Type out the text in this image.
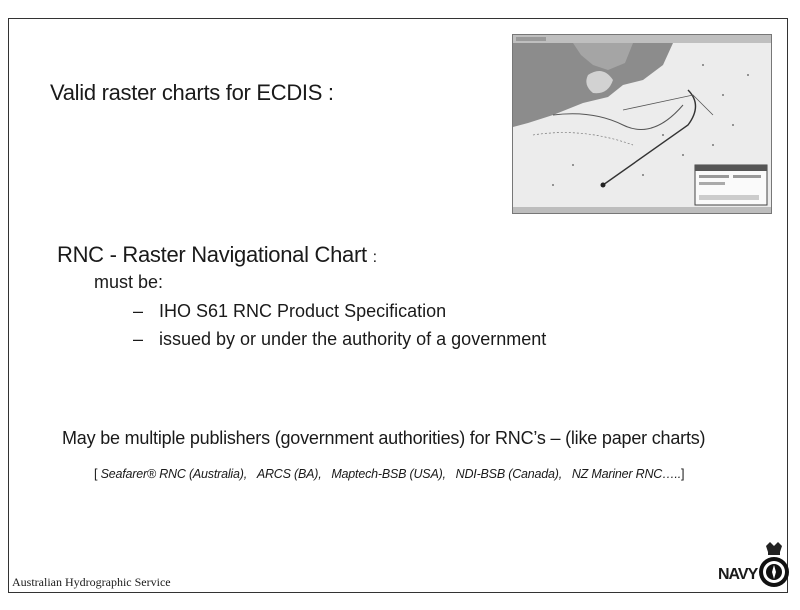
Valid raster charts for ECDIS :
RNC - Raster Navigational Chart :
must be:
– IHO S61 RNC Product Specification
– issued by or under the authority of a government
May be multiple publishers (government authorities) for RNC’s – (like paper charts)
[ Seafarer® RNC (Australia), ARCS (BA), Maptech-BSB (USA), NDI-BSB (Canada), NZ Mariner RNC…..]
Australian Hydrographic Service	NAVY
